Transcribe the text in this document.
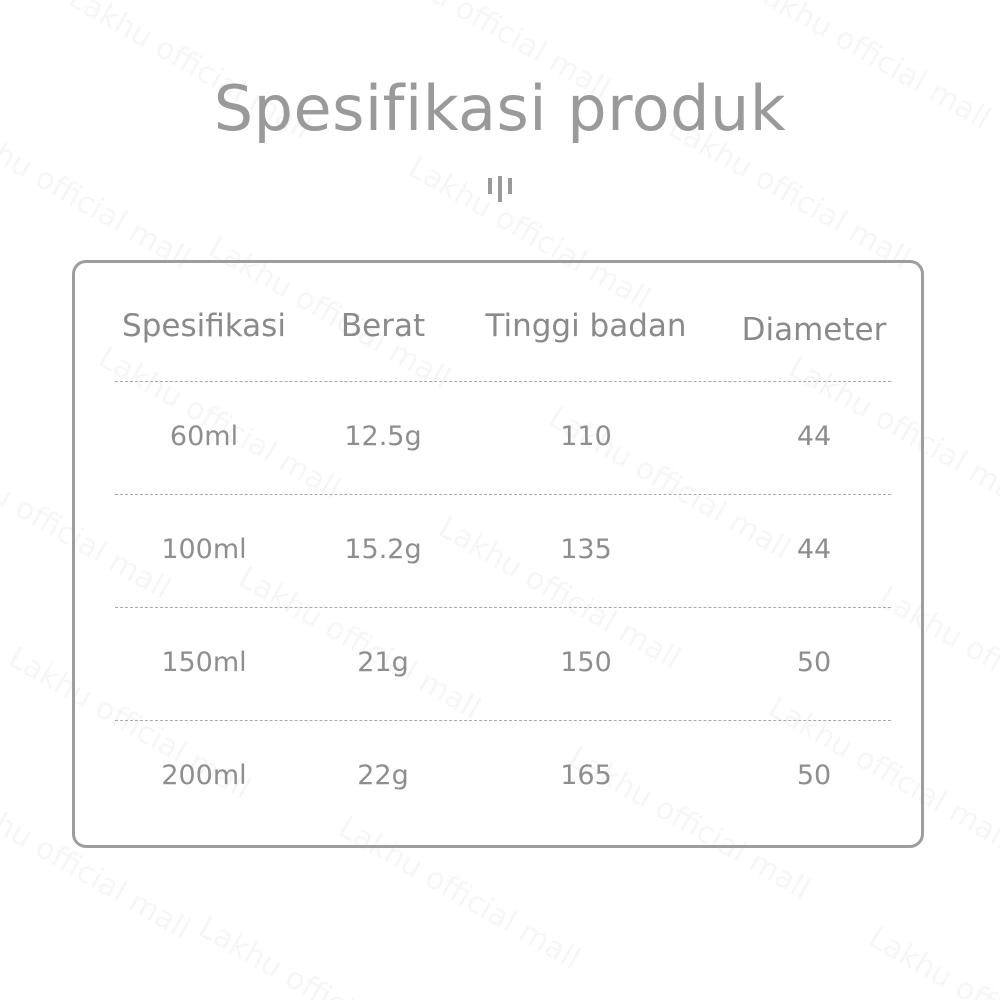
Spesifikasi produk
Spesifikasi	Berat	Tinggi badan	Diameter
60ml	12.5g	110	44
100ml	15.2g	135	44
150ml	21g	150	50
200ml	22g	165	50
